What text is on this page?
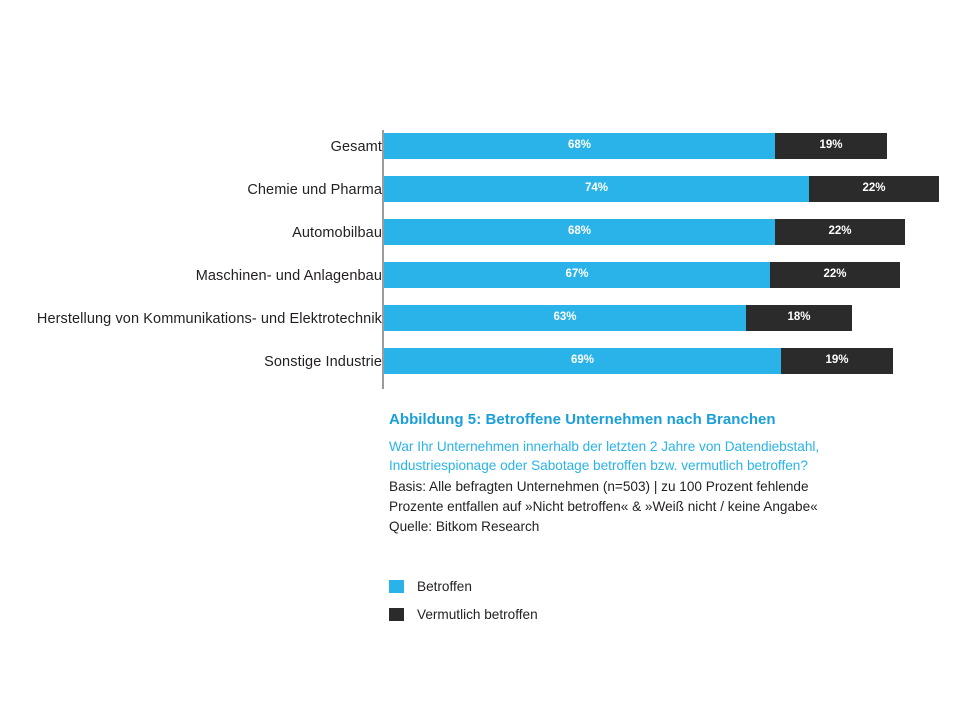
Gesamt	68%	19%
Chemie und Pharma	74%	22%
Automobilbau	68%	22%
Maschinen- und Anlagenbau	67%	22%
Herstellung von Kommunikations- und Elektrotechnik	63%	18%
Sonstige Industrie	69%	19%
Abbildung 5: Betroffene Unternehmen nach Branchen
War Ihr Unternehmen innerhalb der letzten 2 Jahre von Datendiebstahl,
Industriespionage oder Sabotage betroffen bzw. vermutlich betroffen?
Basis: Alle befragten Unternehmen (n=503) | zu 100 Prozent fehlende
Prozente entfallen auf »Nicht betroffen« & »Weiß nicht / keine Angabe«
Quelle: Bitkom Research
Betroffen
Vermutlich betroffen
